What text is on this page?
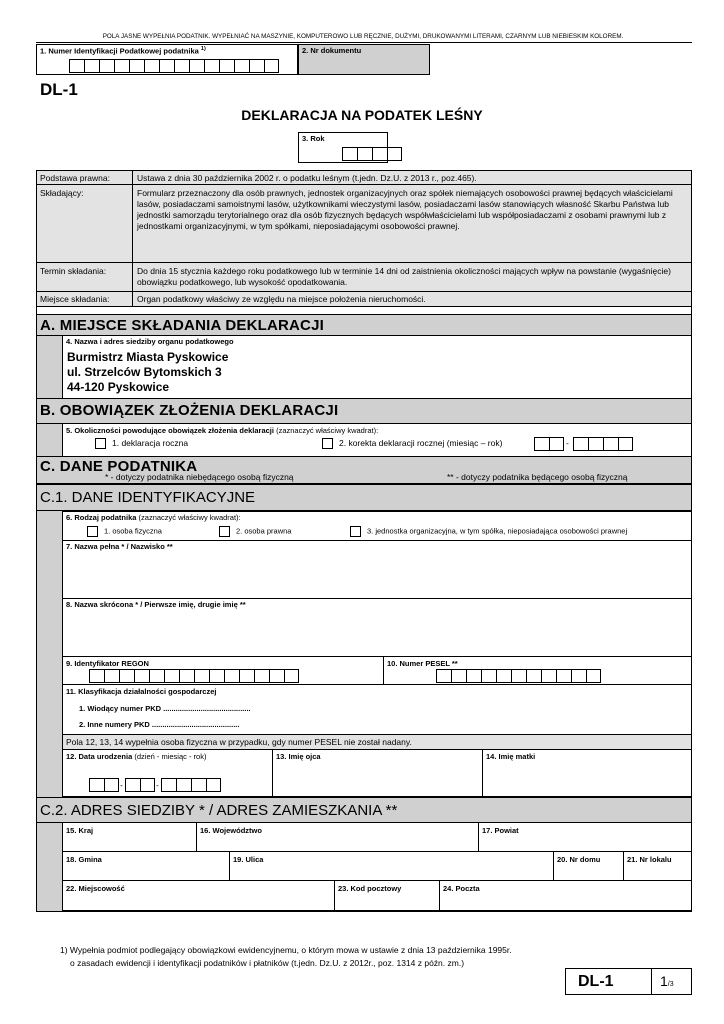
POLA JASNE WYPEŁNIA PODATNIK. WYPEŁNIAĆ NA MASZYNIE, KOMPUTEROWO LUB RĘCZNIE, DUŻYMI, DRUKOWANYMI LITERAMI, CZARNYM LUB NIEBIESKIM KOLOREM.
1. Numer Identyfikacji Podatkowej podatnika $^{1)}$	2. Nr dokumentu
DL-1
DEKLARACJA NA PODATEK LEŚNY
3. Rok
Podstawa prawna:	Ustawa z dnia 30 października 2002 r. o podatku leśnym (t.jedn. Dz.U. z 2013 r., poz.465).
Składający:	Formularz przeznaczony dla osób prawnych, jednostek organizacyjnych oraz spółek niemających osobowości prawnej będących właścicielami lasów, posiadaczami samoistnymi lasów, użytkownikami wieczystymi lasów, posiadaczami lasów stanowiących własność Skarbu Państwa lub jednostki samorządu terytorialnego oraz dla osób fizycznych będących współwłaścicielami lub współposiadaczami z osobami prawnymi lub z jednostkami organizacyjnymi, w tym spółkami, nieposiadającymi osobowości prawnej.
Termin składania:	Do dnia 15 stycznia każdego roku podatkowego lub w terminie 14 dni od zaistnienia okoliczności mających wpływ na powstanie (wygaśnięcie) obowiązku podatkowego, lub wysokość opodatkowania.
Miejsce składania:	Organ podatkowy właściwy ze względu na miejsce położenia nieruchomości.
A. MIEJSCE SKŁADANIA DEKLARACJI
4. Nazwa i adres siedziby organu podatkowego
Burmistrz Miasta Pyskowice
ul. Strzelców Bytomskich 3
44-120 Pyskowice
B. OBOWIĄZEK ZŁOŻENIA DEKLARACJI
5. Okoliczności powodujące obowiązek złożenia deklaracji (zaznaczyć właściwy kwadrat):
1. deklaracja roczna	2. korekta deklaracji rocznej (miesiąc – rok)	-
C. DANE PODATNIKA
* - dotyczy podatnika niebędącego osobą fizyczną	** - dotyczy podatnika będącego osobą fizyczną
C.1. DANE IDENTYFIKACYJNE
6. Rodzaj podatnika (zaznaczyć właściwy kwadrat):
1. osoba fizyczna	2. osoba prawna	3. jednostka organizacyjna, w tym spółka, nieposiadająca osobowości prawnej
7. Nazwa pełna * / Nazwisko **
8. Nazwa skrócona * / Pierwsze imię, drugie imię **
9. Identyfikator REGON	10. Numer PESEL **
11. Klasyfikacja działalności gospodarczej
1. Wiodący numer PKD ..........................................
2. Inne numery PKD ..........................................
Pola 12, 13, 14 wypełnia osoba fizyczna w przypadku, gdy numer PESEL nie został nadany.
12. Data urodzenia (dzień - miesiąc - rok)
-	-
13. Imię ojca	14. Imię matki
C.2. ADRES SIEDZIBY * / ADRES ZAMIESZKANIA **
15. Kraj	16. Województwo	17. Powiat
18. Gmina	19. Ulica	20. Nr domu	21. Nr lokalu
22. Miejscowość	23. Kod pocztowy	24. Poczta
1) Wypełnia podmiot podlegający obowiązkowi ewidencyjnemu, o którym mowa w ustawie z dnia 13 października 1995r.
o zasadach ewidencji i identyfikacji podatników i płatników (t.jedn. Dz.U. z 2012r., poz. 1314 z późn. zm.)
DL-1	1/3
